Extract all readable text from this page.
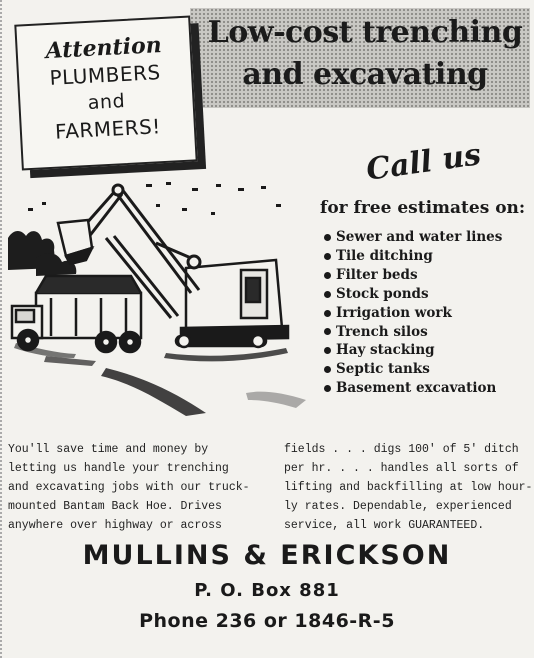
Low-cost trenching
and excavating
Attention
PLUMBERS
and
FARMERS!
Call us
for free estimates on:
Sewer and water lines
Tile ditching
Filter beds
Stock ponds
Irrigation work
Trench silos
Hay stacking
Septic tanks
Basement excavation
You'll save time and money by
letting us handle your trenching
and excavating jobs with our truck-
mounted Bantam Back Hoe. Drives
anywhere over highway or across
fields . . . digs 100' of 5' ditch
per hr. . . . handles all sorts of
lifting and backfilling at low hour-
ly rates. Dependable, experienced
service, all work GUARANTEED.
MULLINS & ERICKSON
P. O. Box 881
Phone 236 or 1846-R-5
